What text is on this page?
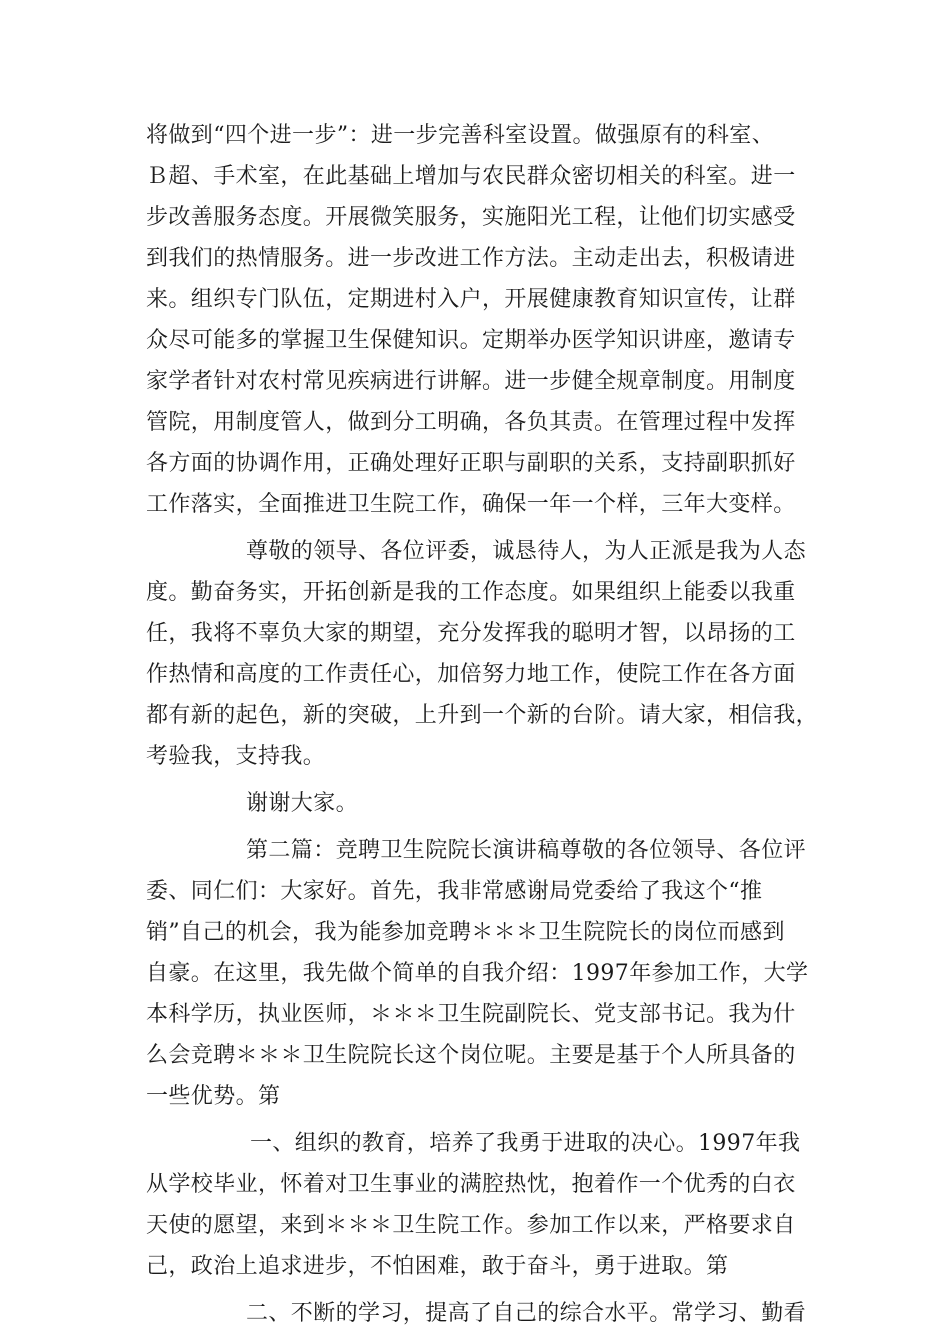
将做到“四个进一步”：进一步完善科室设置。做强原有的科室、
Ｂ超、手术室，在此基础上增加与农民群众密切相关的科室。进一
步改善服务态度。开展微笑服务，实施阳光工程，让他们切实感受
到我们的热情服务。进一步改进工作方法。主动走出去，积极请进
来。组织专门队伍，定期进村入户，开展健康教育知识宣传，让群
众尽可能多的掌握卫生保健知识。定期举办医学知识讲座，邀请专
家学者针对农村常见疾病进行讲解。进一步健全规章制度。用制度
管院，用制度管人，做到分工明确，各负其责。在管理过程中发挥
各方面的协调作用，正确处理好正职与副职的关系，支持副职抓好
工作落实，全面推进卫生院工作，确保一年一个样，三年大变样。
尊敬的领导、各位评委，诚恳待人，为人正派是我为人态
度。勤奋务实，开拓创新是我的工作态度。如果组织上能委以我重
任，我将不辜负大家的期望，充分发挥我的聪明才智，以昂扬的工
作热情和高度的工作责任心，加倍努力地工作，使院工作在各方面
都有新的起色，新的突破，上升到一个新的台阶。请大家，相信我，
考验我，支持我。
谢谢大家。
第二篇：竞聘卫生院院长演讲稿尊敬的各位领导、各位评
委、同仁们：大家好。首先，我非常感谢局党委给了我这个“推
销”自己的机会，我为能参加竞聘＊＊＊卫生院院长的岗位而感到
自豪。在这里，我先做个简单的自我介绍：1997年参加工作，大学
本科学历，执业医师，＊＊＊卫生院副院长、党支部书记。我为什
么会竞聘＊＊＊卫生院院长这个岗位呢。主要是基于个人所具备的
一些优势。第
一、组织的教育，培养了我勇于进取的决心。1997年我
从学校毕业，怀着对卫生事业的满腔热忱，抱着作一个优秀的白衣
天使的愿望，来到＊＊＊卫生院工作。参加工作以来，严格要求自
己，政治上追求进步，不怕困难，敢于奋斗，勇于进取。第
二、不断的学习，提高了自己的综合水平。常学习、勤看
